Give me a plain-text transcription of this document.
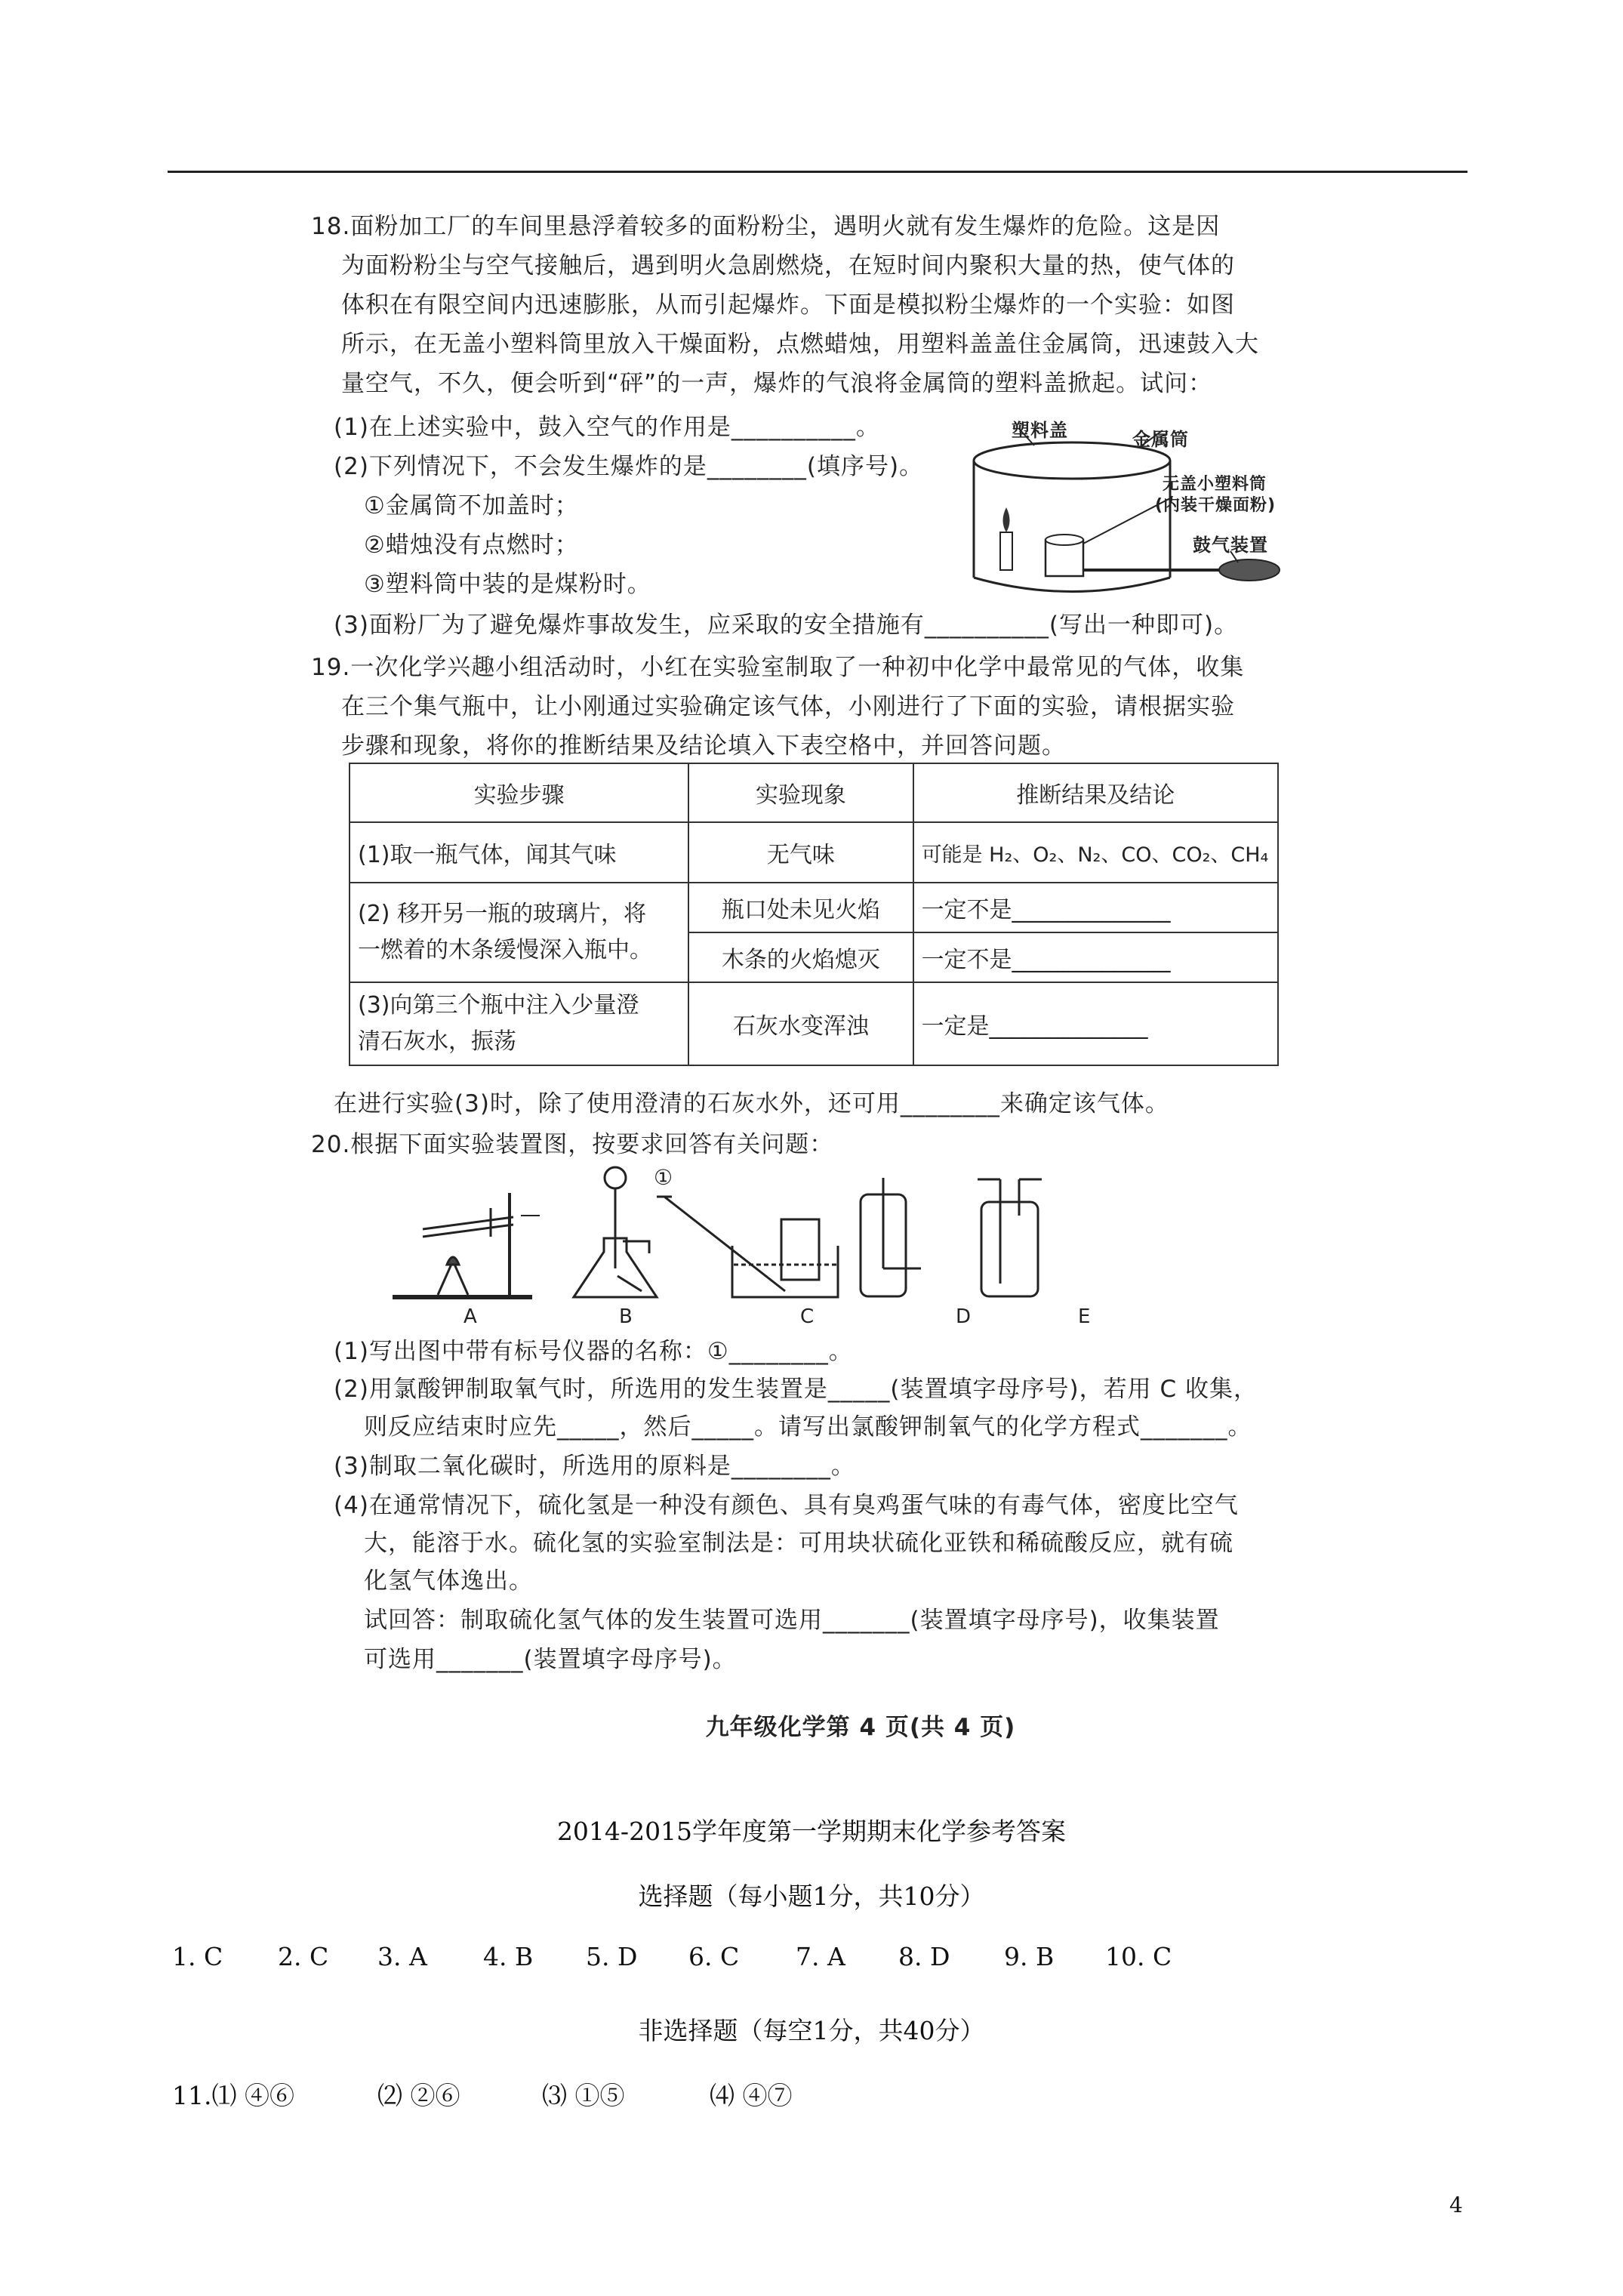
18.面粉加工厂的车间里悬浮着较多的面粉粉尘，遇明火就有发生爆炸的危险。这是因
为面粉粉尘与空气接触后，遇到明火急剧燃烧，在短时间内聚积大量的热，使气体的
体积在有限空间内迅速膨胀，从而引起爆炸。下面是模拟粉尘爆炸的一个实验：如图
所示，在无盖小塑料筒里放入干燥面粉，点燃蜡烛，用塑料盖盖住金属筒，迅速鼓入大
量空气，不久，便会听到“砰”的一声，爆炸的气浪将金属筒的塑料盖掀起。试问：
(1)在上述实验中，鼓入空气的作用是__________。
(2)下列情况下，不会发生爆炸的是________(填序号)。
①金属筒不加盖时；
②蜡烛没有点燃时；
③塑料筒中装的是煤粉时。
(3)面粉厂为了避免爆炸事故发生，应采取的安全措施有__________(写出一种即可)。
塑料盖	金属筒
无盖小塑料筒
(内装干燥面粉)
鼓气装置
19.一次化学兴趣小组活动时，小红在实验室制取了一种初中化学中最常见的气体，收集
在三个集气瓶中，让小刚通过实验确定该气体，小刚进行了下面的实验，请根据实验
步骤和现象，将你的推断结果及结论填入下表空格中，并回答问题。
实验步骤	实验现象	推断结果及结论
(1)取一瓶气体，闻其气味	无气味	可能是 H₂、O₂、N₂、CO、CO₂、CH₄

(2) 移开另一瓶的玻璃片，将
一燃着的木条缓慢深入瓶中。	瓶口处未见火焰	一定不是______________
	木条的火焰熄灭	一定不是______________

(3)向第三个瓶中注入少量澄
清石灰水，振荡	石灰水变浑浊	一定是______________
在进行实验(3)时，除了使用澄清的石灰水外，还可用________来确定该气体。
20.根据下面实验装置图，按要求回答有关问题：
A	B	C	D	E
①
(1)写出图中带有标号仪器的名称：①________。
(2)用氯酸钾制取氧气时，所选用的发生装置是_____(装置填字母序号)，若用 C 收集，
则反应结束时应先_____，然后_____。请写出氯酸钾制氧气的化学方程式_______。
(3)制取二氧化碳时，所选用的原料是________。
(4)在通常情况下，硫化氢是一种没有颜色、具有臭鸡蛋气味的有毒气体，密度比空气
大，能溶于水。硫化氢的实验室制法是：可用块状硫化亚铁和稀硫酸反应，就有硫
化氢气体逸出。
试回答：制取硫化氢气体的发生装置可选用_______(装置填字母序号)，收集装置
可选用_______(装置填字母序号)。
九年级化学第 4 页(共 4 页)
2014-2015学年度第一学期期末化学参考答案
选择题（每小题1分，共10分）
1. C 2. C 3. A 4. B 5. D 6. C 7. A 8. D 9. B 10. C
非选择题（每空1分，共40分）
11.⑴ ④⑥	⑵ ②⑥	⑶ ①⑤	⑷ ④⑦
4
